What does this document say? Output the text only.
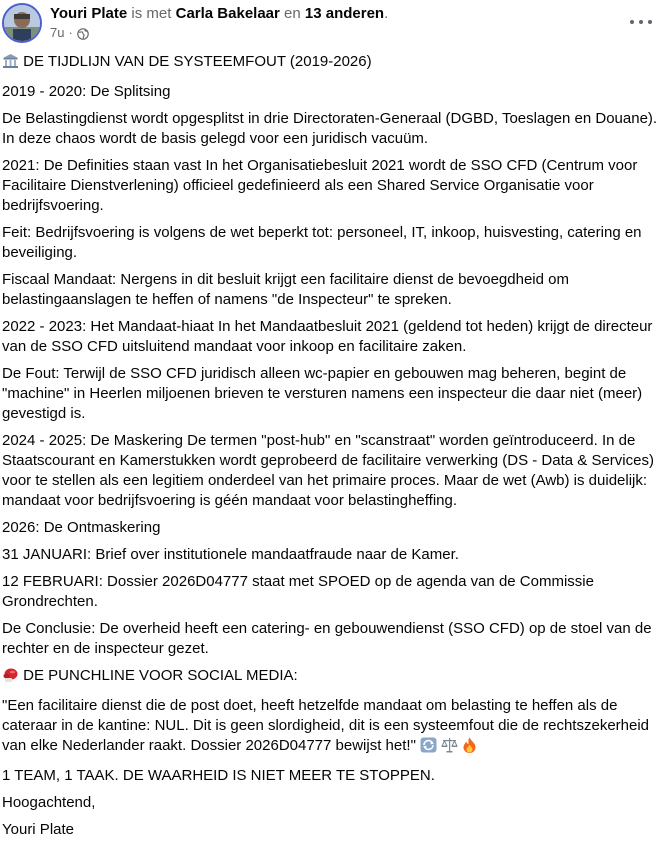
Youri Plate is met Carla Bakelaar en 13 anderen.
7u ·

DE TIJDLIJN VAN DE SYSTEEMFOUT (2019-2026)

2019 - 2020: De Splitsing

De Belastingdienst wordt opgesplitst in drie Directoraten-Generaal (DGBD, Toeslagen en Douane). In deze chaos wordt de basis gelegd voor een juridisch vacuüm.

2021: De Definities staan vast In het Organisatiebesluit 2021 wordt de SSO CFD (Centrum voor Facilitaire Dienstverlening) officieel gedefinieerd als een Shared Service Organisatie voor bedrijfsvoering.

Feit: Bedrijfsvoering is volgens de wet beperkt tot: personeel, IT, inkoop, huisvesting, catering en beveiliging.

Fiscaal Mandaat: Nergens in dit besluit krijgt een facilitaire dienst de bevoegdheid om belastingaanslagen te heffen of namens "de Inspecteur" te spreken.

2022 - 2023: Het Mandaat-hiaat In het Mandaatbesluit 2021 (geldend tot heden) krijgt de directeur van de SSO CFD uitsluitend mandaat voor inkoop en facilitaire zaken.

De Fout: Terwijl de SSO CFD juridisch alleen wc-papier en gebouwen mag beheren, begint de "machine" in Heerlen miljoenen brieven te versturen namens een inspecteur die daar niet (meer) gevestigd is.

2024 - 2025: De Maskering De termen "post-hub" en "scanstraat" worden geïntroduceerd. In de Staatscourant en Kamerstukken wordt geprobeerd de facilitaire verwerking (DS - Data & Services) voor te stellen als een legitiem onderdeel van het primaire proces. Maar de wet (Awb) is duidelijk: mandaat voor bedrijfsvoering is géén mandaat voor belastingheffing.

2026: De Ontmaskering

31 JANUARI: Brief over institutionele mandaatfraude naar de Kamer.

12 FEBRUARI: Dossier 2026D04777 staat met SPOED op de agenda van de Commissie Grondrechten.

De Conclusie: De overheid heeft een catering- en gebouwendienst (SSO CFD) op de stoel van de rechter en de inspecteur gezet.

DE PUNCHLINE VOOR SOCIAL MEDIA:

"Een facilitaire dienst die de post doet, heeft hetzelfde mandaat om belasting te heffen als de cateraar in de kantine: NUL. Dit is geen slordigheid, dit is een systeemfout die de rechtszekerheid van elke Nederlander raakt. Dossier 2026D04777 bewijst het!"

1 TEAM, 1 TAAK. DE WAARHEID IS NIET MEER TE STOPPEN.

Hoogachtend,

Youri Plate
